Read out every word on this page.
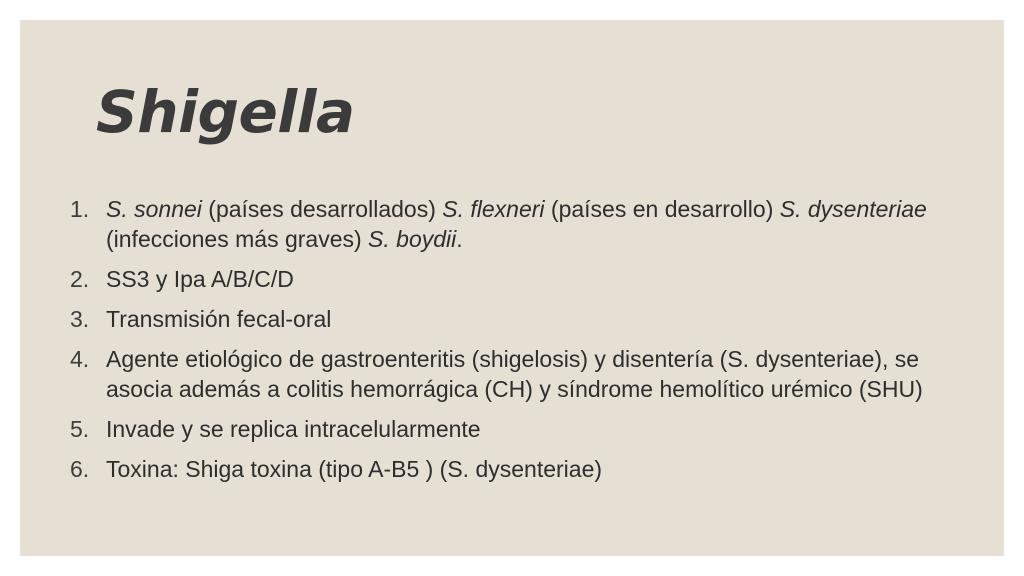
Shigella
1. S. sonnei (países desarrollados) S. flexneri (países en desarrollo) S. dysenteriae (infecciones más graves) S. boydii.
2. SS3 y Ipa A/B/C/D
3. Transmisión fecal-oral
4. Agente etiológico de gastroenteritis (shigelosis) y disentería (S. dysenteriae), se asocia además a colitis hemorrágica (CH) y síndrome hemolítico urémico (SHU)
5. Invade y se replica intracelularmente
6. Toxina: Shiga toxina (tipo A-B5 ) (S. dysenteriae)
